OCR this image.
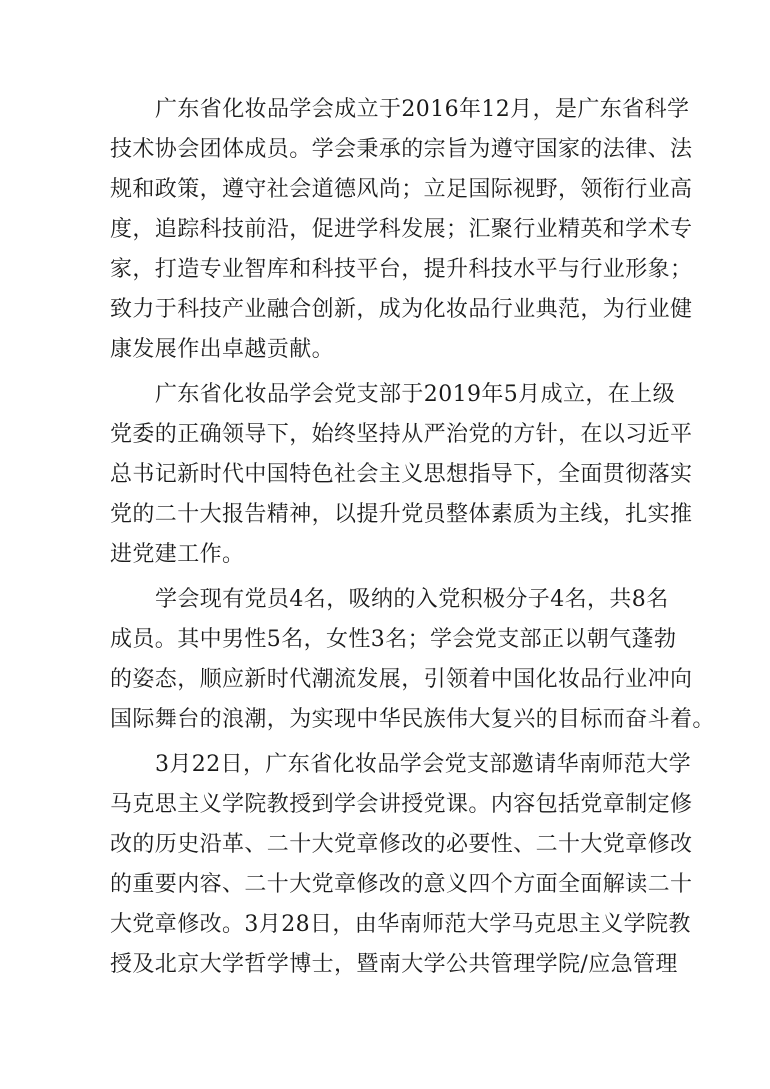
广东省化妆品学会成立于2016年12月，是广东省科学
技术协会团体成员。学会秉承的宗旨为遵守国家的法律、法
规和政策，遵守社会道德风尚；立足国际视野，领衔行业高
度，追踪科技前沿，促进学科发展；汇聚行业精英和学术专
家，打造专业智库和科技平台，提升科技水平与行业形象；
致力于科技产业融合创新，成为化妆品行业典范，为行业健
康发展作出卓越贡献。
广东省化妆品学会党支部于2019年5月成立，在上级
党委的正确领导下，始终坚持从严治党的方针，在以习近平
总书记新时代中国特色社会主义思想指导下，全面贯彻落实
党的二十大报告精神，以提升党员整体素质为主线，扎实推
进党建工作。
学会现有党员4名，吸纳的入党积极分子4名，共8名
成员。其中男性5名，女性3名；学会党支部正以朝气蓬勃
的姿态，顺应新时代潮流发展，引领着中国化妆品行业冲向
国际舞台的浪潮，为实现中华民族伟大复兴的目标而奋斗着。
3月22日，广东省化妆品学会党支部邀请华南师范大学
马克思主义学院教授到学会讲授党课。内容包括党章制定修
改的历史沿革、二十大党章修改的必要性、二十大党章修改
的重要内容、二十大党章修改的意义四个方面全面解读二十
大党章修改。3月28日，由华南师范大学马克思主义学院教
授及北京大学哲学博士，暨南大学公共管理学院/应急管理
